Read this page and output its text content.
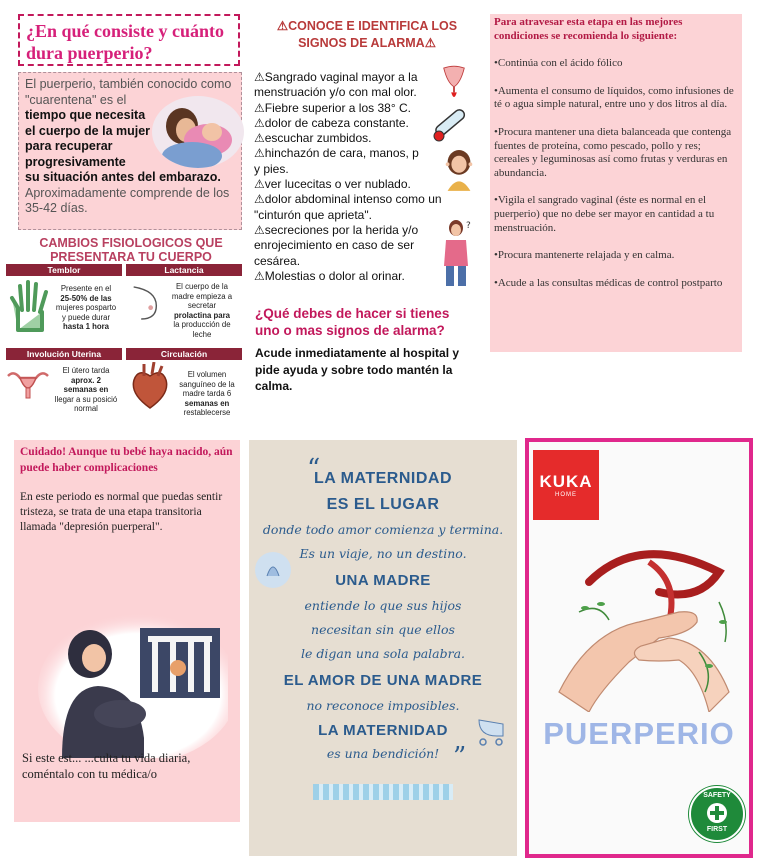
¿En qué consiste y cuánto dura puerperio?
El puerperio, también conocido como "cuarentena" es el
tiempo que necesita
el cuerpo de la mujer
para recuperar
progresivamente
su situación antes del embarazo.
Aproximadamente comprende de los 35-42 días.
CAMBIOS FISIOLOGICOS QUE PRESENTARA TU CUERPO
Temblor
Presente en el
25-50% de las
mujeres posparto
y puede durar
hasta 1 hora
Lactancia
El cuerpo de la
madre empieza a
secretar
prolactina para
la producción de
leche
Involución Uterina
El útero tarda
aprox. 2
semanas en
llegar a su posició
normal
Circulación
El volumen
sanguíneo de la
madre tarda 6
semanas en
restablecerse
⚠CONOCE E IDENTIFICA LOS SIGNOS DE ALARMA⚠
⚠Sangrado vaginal mayor a la
menstruación y/o con mal olor.
⚠Fiebre superior a los 38° C.
⚠dolor de cabeza constante.
⚠escuchar zumbidos.
⚠hinchazón de cara, manos, p
y pies.
⚠ver lucecitas o ver nublado.
⚠dolor abdominal intenso como un
"cinturón que aprieta".
⚠secreciones por la herida y/o
enrojecimiento en caso de ser
cesárea.
⚠Molestias o dolor al orinar.
?
¿Qué debes de hacer si tienes uno o mas signos de alarma?
Acude inmediatamente al hospital y pide ayuda y sobre todo mantén la calma.
Para atravesar esta etapa en las mejores condiciones se recomienda lo siguiente:
•Continúa con el ácido fólico
•Aumenta el consumo de líquidos, como infusiones de té o agua simple natural, entre uno y dos litros al día.
•Procura mantener una dieta balanceada que contenga fuentes de proteína, como pescado, pollo y res; cereales y leguminosas así como frutas y verduras en abundancia.
•Vigila el sangrado vaginal (éste es normal en el puerperio) que no debe ser mayor en cantidad a tu menstruación.
•Procura mantenerte relajada y en calma.
•Acude a las consultas médicas de control postparto
Cuidado! Aunque tu bebé haya nacido, aún puede haber complicaciones
En este periodo es normal que puedas sentir tristeza, se trata de una etapa transitoria llamada "depresión puerperal".
Si este est... ...culta tu vida diaria, coméntalo con tu médica/o
“
LA MATERNIDAD
ES EL LUGAR
donde todo amor comienza y termina.
Es un viaje, no un destino.
UNA MADRE
entiende lo que sus hijos
necesitan sin que ellos
le digan una sola palabra.
EL AMOR DE UNA MADRE
no reconoce imposibles.
LA MATERNIDAD
es una bendición! ”
KUKA
HOME
PUERPERIO
SAFETY
FIRST
